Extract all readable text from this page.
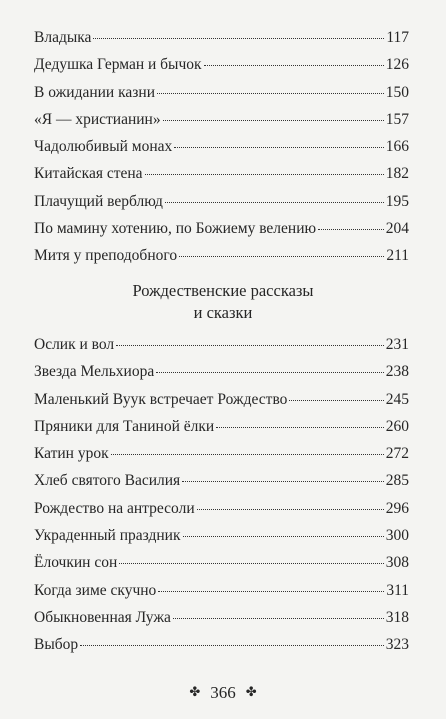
Владыка	117
Дедушка Герман и бычок	126
В ожидании казни	150
«Я — христианин»	157
Чадолюбивый монах	166
Китайская стена	182
Плачущий верблюд	195
По мамину хотению, по Божиему велению	204
Митя у преподобного	211
Рождественские рассказы
и сказки
Ослик и вол	231
Звезда Мельхиора	238
Маленький Вуук встречает Рождество	245
Пряники для Таниной ёлки	260
Катин урок	272
Хлеб святого Василия	285
Рождество на антресоли	296
Украденный праздник	300
Ёлочкин сон	308
Когда зиме скучно	311
Обыкновенная Лужа	318
Выбор	323
✤ 366 ✤
